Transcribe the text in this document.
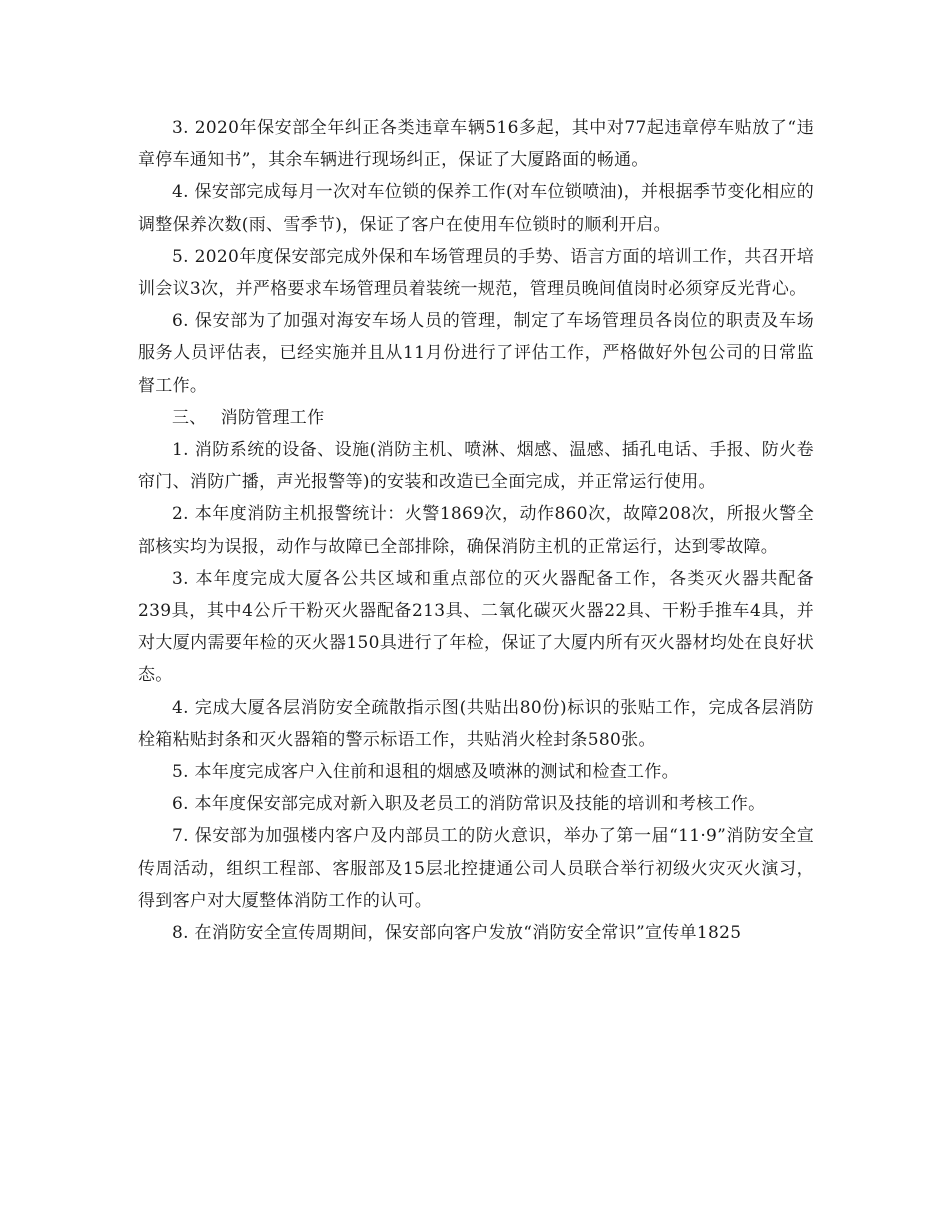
3. 2020年保安部全年纠正各类违章车辆516多起，其中对77起违章停车贴放了“违章停车通知书”，其余车辆进行现场纠正，保证了大厦路面的畅通。

4. 保安部完成每月一次对车位锁的保养工作(对车位锁喷油)，并根据季节变化相应的调整保养次数(雨、雪季节)，保证了客户在使用车位锁时的顺利开启。

5. 2020年度保安部完成外保和车场管理员的手势、语言方面的培训工作，共召开培训会议3次，并严格要求车场管理员着装统一规范，管理员晚间值岗时必须穿反光背心。

6. 保安部为了加强对海安车场人员的管理，制定了车场管理员各岗位的职责及车场服务人员评估表，已经实施并且从11月份进行了评估工作，严格做好外包公司的日常监督工作。

三、 消防管理工作

1. 消防系统的设备、设施(消防主机、喷淋、烟感、温感、插孔电话、手报、防火卷帘门、消防广播，声光报警等)的安装和改造已全面完成，并正常运行使用。

2. 本年度消防主机报警统计：火警1869次，动作860次，故障208次，所报火警全部核实均为误报，动作与故障已全部排除，确保消防主机的正常运行，达到零故障。

3. 本年度完成大厦各公共区域和重点部位的灭火器配备工作，各类灭火器共配备239具，其中4公斤干粉灭火器配备213具、二氧化碳灭火器22具、干粉手推车4具，并对大厦内需要年检的灭火器150具进行了年检，保证了大厦内所有灭火器材均处在良好状态。

4. 完成大厦各层消防安全疏散指示图(共贴出80份)标识的张贴工作，完成各层消防栓箱粘贴封条和灭火器箱的警示标语工作，共贴消火栓封条580张。

5. 本年度完成客户入住前和退租的烟感及喷淋的测试和检查工作。

6. 本年度保安部完成对新入职及老员工的消防常识及技能的培训和考核工作。

7. 保安部为加强楼内客户及内部员工的防火意识，举办了第一届“11·9”消防安全宣传周活动，组织工程部、客服部及15层北控捷通公司人员联合举行初级火灾灭火演习，得到客户对大厦整体消防工作的认可。

8. 在消防安全宣传周期间，保安部向客户发放“消防安全常识”宣传单1825
